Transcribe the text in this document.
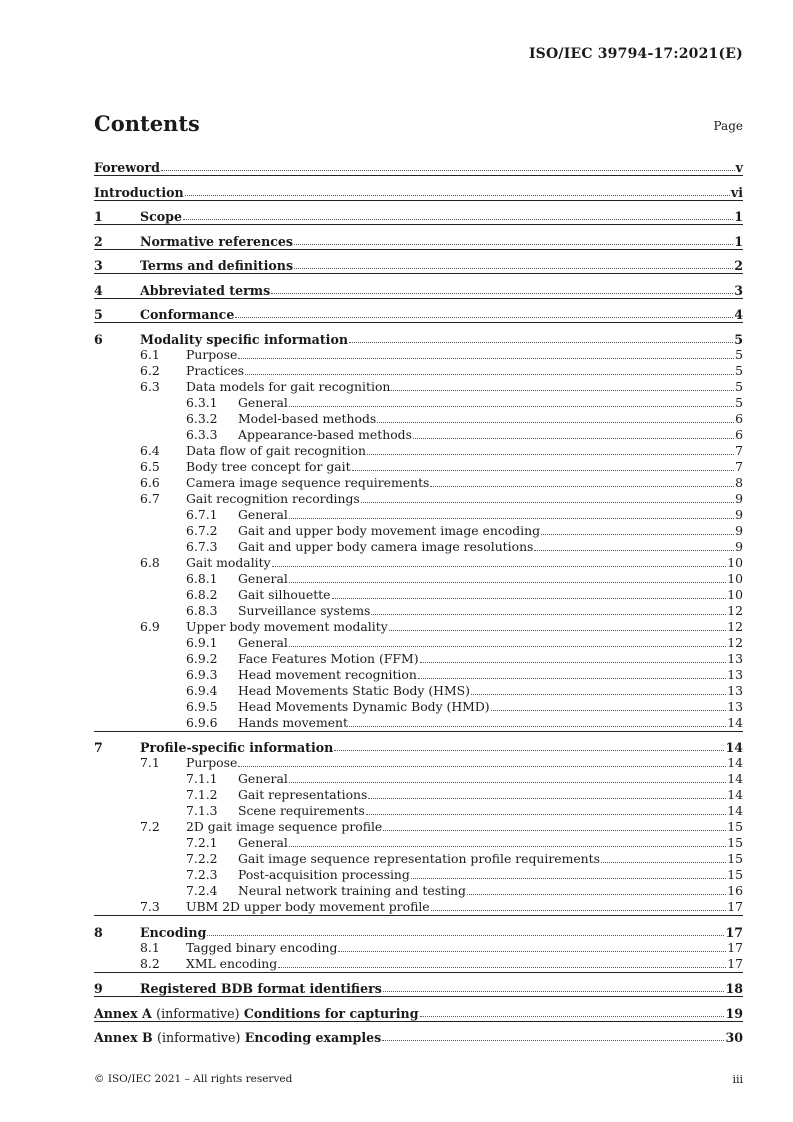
ISO/IEC 39794-17:2021(E)
Contents	Page
Foreword	v
Introduction	vi
1	Scope	1
2	Normative references	1
3	Terms and definitions	2
4	Abbreviated terms	3
5	Conformance	4
6	Modality specific information	5
6.1	Purpose	5
6.2	Practices	5
6.3	Data models for gait recognition	5
6.3.1	General	5
6.3.2	Model-based methods	6
6.3.3	Appearance-based methods	6
6.4	Data flow of gait recognition	7
6.5	Body tree concept for gait	7
6.6	Camera image sequence requirements	8
6.7	Gait recognition recordings	9
6.7.1	General	9
6.7.2	Gait and upper body movement image encoding	9
6.7.3	Gait and upper body camera image resolutions	9
6.8	Gait modality	10
6.8.1	General	10
6.8.2	Gait silhouette	10
6.8.3	Surveillance systems	12
6.9	Upper body movement modality	12
6.9.1	General	12
6.9.2	Face Features Motion (FFM)	13
6.9.3	Head movement recognition	13
6.9.4	Head Movements Static Body (HMS)	13
6.9.5	Head Movements Dynamic Body (HMD)	13
6.9.6	Hands movement	14
7	Profile-specific information	14
7.1	Purpose	14
7.1.1	General	14
7.1.2	Gait representations	14
7.1.3	Scene requirements	14
7.2	2D gait image sequence profile	15
7.2.1	General	15
7.2.2	Gait image sequence representation profile requirements	15
7.2.3	Post-acquisition processing	15
7.2.4	Neural network training and testing	16
7.3	UBM 2D upper body movement profile	17
8	Encoding	17
8.1	Tagged binary encoding	17
8.2	XML encoding	17
9	Registered BDB format identifiers	18
Annex A (informative) Conditions for capturing	19
Annex B (informative) Encoding examples	30
© ISO/IEC 2021 – All rights reserved	iii
